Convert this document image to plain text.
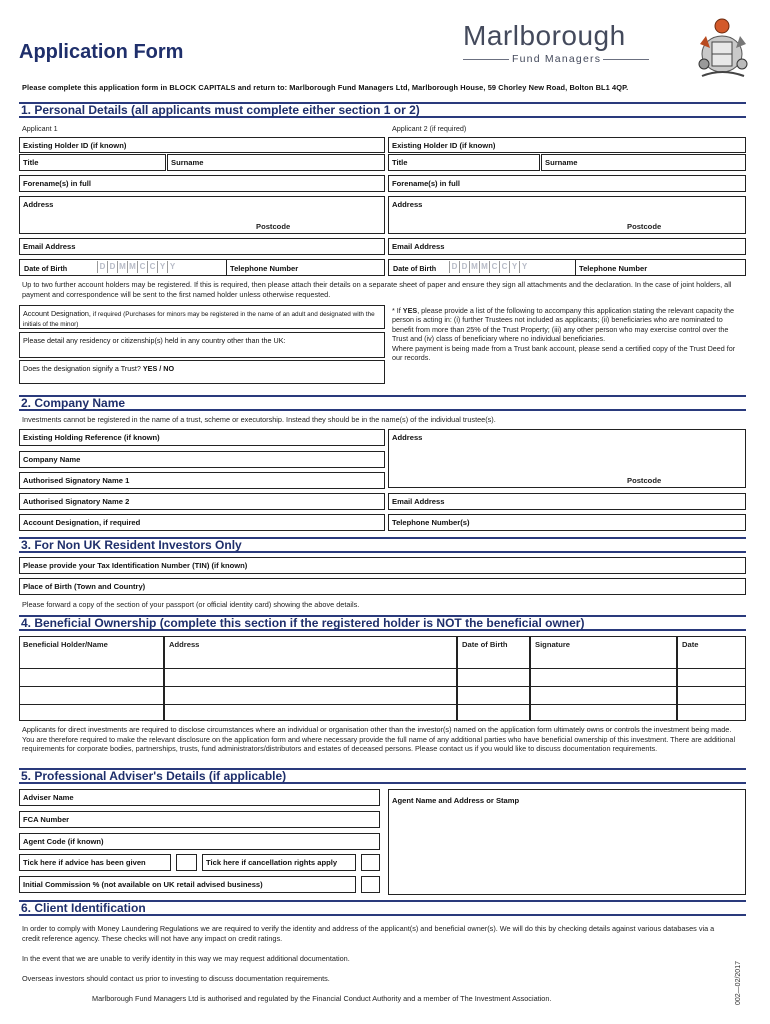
Application Form
Marlborough
Fund Managers
Please complete this application form in BLOCK CAPITALS and return to: Marlborough Fund Managers Ltd, Marlborough House, 59 Chorley New Road, Bolton BL1 4QP.
1. Personal Details (all applicants must complete either section 1 or 2)
Applicant 1	Applicant 2 (if required)
Existing Holder ID (if known)
Title	Surname
Forename(s) in full
Address
Postcode
Email Address
Date of Birth	D D M M C C Y Y	Telephone Number
Existing Holder ID (if known)
Title	Surname
Forename(s) in full
Address
Postcode
Email Address
Date of Birth	D D M M C C Y Y	Telephone Number
Up to two further account holders may be registered. If this is required, then please attach their details on a separate sheet of paper and ensure they sign all attachments and the declaration. In the case of joint holders, all payment and correspondence will be sent to the first named holder unless otherwise requested.
Account Designation, if required (Purchases for minors may be registered in the name of an adult and designated with the initials of the minor)
Please detail any residency or citizenship(s) held in any country other than the UK:
Does the designation signify a Trust? YES / NO
* If YES, please provide a list of the following to accompany this application stating the relevant capacity the person is acting in: (i) further Trustees not included as applicants; (ii) beneficiaries who are nominated to benefit from more than 25% of the Trust Property; (iii) any other person who may exercise control over the Trust and (iv) class of beneficiary where no individual beneficiaries.
Where payment is being made from a Trust bank account, please send a certified copy of the Trust Deed for our records.
2. Company Name
Investments cannot be registered in the name of a trust, scheme or executorship. Instead they should be in the name(s) of the individual trustee(s).
Existing Holding Reference (if known)	Address
Company Name
Authorised Signatory Name 1	Postcode
Authorised Signatory Name 2	Email Address
Account Designation, if required	Telephone Number(s)
3. For Non UK Resident Investors Only
Please provide your Tax Identification Number (TIN) (if known)
Place of Birth (Town and Country)
Please forward a copy of the section of your passport (or official identity card) showing the above details.
4. Beneficial Ownership (complete this section if the registered holder is NOT the beneficial owner)
Beneficial Holder/Name	Address	Date of Birth	Signature	Date
Applicants for direct investments are required to disclose circumstances where an individual or organisation other than the investor(s) named on the application form ultimately owns or controls the investment being made. You are therefore required to make the relevant disclosure on the application form and where necessary provide the full name of any additional parties who have beneficial ownership of this investment. There are additional requirements for corporate bodies, partnerships, trusts, fund administrators/distributors and estates of deceased persons. Please contact us if you would like to discuss documentation requirements.
5. Professional Adviser's Details (if applicable)
Adviser Name	Agent Name and Address or Stamp
FCA Number
Agent Code (if known)
Tick here if advice has been given	Tick here if cancellation rights apply
Initial Commission % (not available on UK retail advised business)
6. Client Identification
In order to comply with Money Laundering Regulations we are required to verify the identity and address of the applicant(s) and beneficial owner(s). We will do this by checking details against various databases via a credit reference agency. These checks will not have any impact on credit ratings.
In the event that we are unable to verify identity in this way we may request additional documentation.
Overseas investors should contact us prior to investing to discuss documentation requirements.
Marlborough Fund Managers Ltd is authorised and regulated by the Financial Conduct Authority and a member of The Investment Association.	002—02/2017
